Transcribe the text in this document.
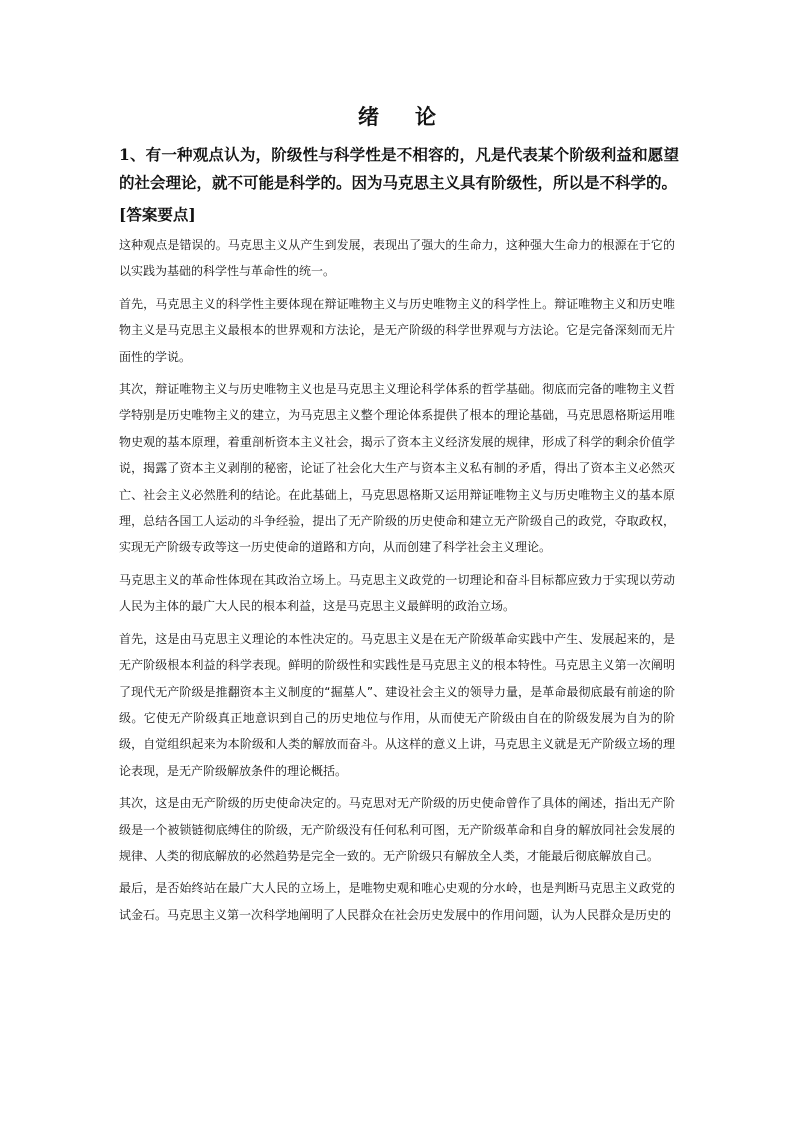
绪 论
1、有一种观点认为，阶级性与科学性是不相容的，凡是代表某个阶级利益和愿望的社会理论，就不可能是科学的。因为马克思主义具有阶级性，所以是不科学的。
[答案要点]

这种观点是错误的。马克思主义从产生到发展，表现出了强大的生命力，这种强大生命力的根源在于它的以实践为基础的科学性与革命性的统一。

首先，马克思主义的科学性主要体现在辩证唯物主义与历史唯物主义的科学性上。辩证唯物主义和历史唯物主义是马克思主义最根本的世界观和方法论，是无产阶级的科学世界观与方法论。它是完备深刻而无片面性的学说。

其次，辩证唯物主义与历史唯物主义也是马克思主义理论科学体系的哲学基础。彻底而完备的唯物主义哲学特别是历史唯物主义的建立，为马克思主义整个理论体系提供了根本的理论基础，马克思恩格斯运用唯物史观的基本原理，着重剖析资本主义社会，揭示了资本主义经济发展的规律，形成了科学的剩余价值学说，揭露了资本主义剥削的秘密，论证了社会化大生产与资本主义私有制的矛盾，得出了资本主义必然灭亡、社会主义必然胜利的结论。在此基础上，马克思恩格斯又运用辩证唯物主义与历史唯物主义的基本原理，总结各国工人运动的斗争经验，提出了无产阶级的历史使命和建立无产阶级自己的政党，夺取政权，实现无产阶级专政等这一历史使命的道路和方向，从而创建了科学社会主义理论。

马克思主义的革命性体现在其政治立场上。马克思主义政党的一切理论和奋斗目标都应致力于实现以劳动人民为主体的最广大人民的根本利益，这是马克思主义最鲜明的政治立场。

首先，这是由马克思主义理论的本性决定的。马克思主义是在无产阶级革命实践中产生、发展起来的，是无产阶级根本利益的科学表现。鲜明的阶级性和实践性是马克思主义的根本特性。马克思主义第一次阐明了现代无产阶级是推翻资本主义制度的“掘墓人”、建设社会主义的领导力量，是革命最彻底最有前途的阶级。它使无产阶级真正地意识到自己的历史地位与作用，从而使无产阶级由自在的阶级发展为自为的阶级，自觉组织起来为本阶级和人类的解放而奋斗。从这样的意义上讲，马克思主义就是无产阶级立场的理论表现，是无产阶级解放条件的理论概括。

其次，这是由无产阶级的历史使命决定的。马克思对无产阶级的历史使命曾作了具体的阐述，指出无产阶级是一个被锁链彻底缚住的阶级，无产阶级没有任何私利可图，无产阶级革命和自身的解放同社会发展的规律、人类的彻底解放的必然趋势是完全一致的。无产阶级只有解放全人类，才能最后彻底解放自己。

最后，是否始终站在最广大人民的立场上，是唯物史观和唯心史观的分水岭，也是判断马克思主义政党的试金石。马克思主义第一次科学地阐明了人民群众在社会历史发展中的作用问题，认为人民群众是历史的
